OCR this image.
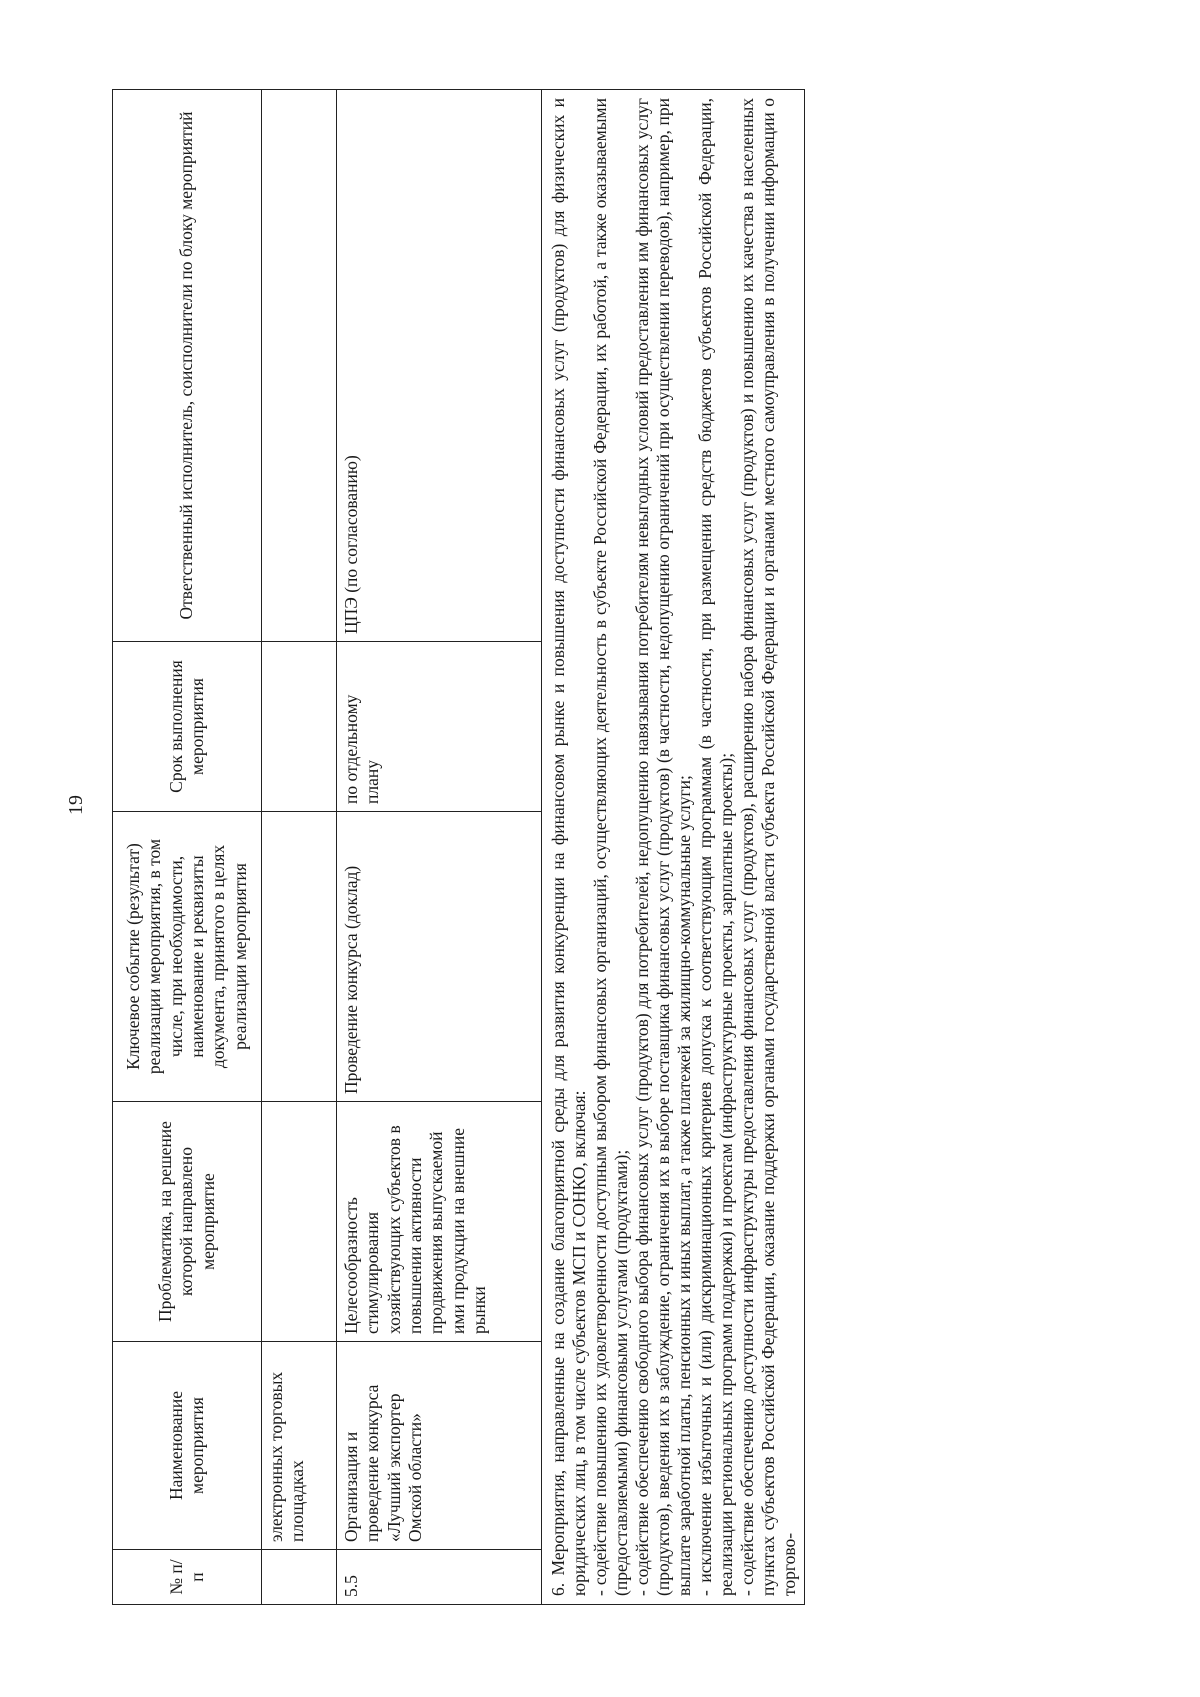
19
№ п/п	Наименование мероприятия	Проблематика, на решение которой направлено мероприятие	Ключевое событие (результат) реализации мероприятия, в том числе, при необходимости, наименование и реквизиты документа, принятого в целях реализации мероприятия	Срок выполнения мероприятия	Ответственный исполнитель, соисполнители по блоку мероприятий
	электронных торговых площадках				
5.5	Организация и проведение конкурса «Лучший экспортер Омской области»	Целесообразность стимулирования хозяйствующих субъектов в повышении активности продвижения выпускаемой ими продукции на внешние рынки	Проведение конкурса (доклад)	по отдельному плану	ЦПЭ (по согласованию)

6. Мероприятия, направленные на создание благоприятной среды для развития конкуренции на финансовом рынке и повышения доступности финансовых услуг (продуктов) для физических и юридических лиц, в том числе субъектов МСП и СОНКО, включая: - содействие повышению их удовлетворенности доступным выбором финансовых организаций, осуществляющих деятельность в субъекте Российской Федерации, их работой, а также оказываемыми (предоставляемыми) финансовыми услугами (продуктами); - содействие обеспечению свободного выбора финансовых услуг (продуктов) для потребителей, недопущению навязывания потребителям невыгодных условий предоставления им финансовых услуг (продуктов), введения их в заблуждение, ограничения их в выборе поставщика финансовых услуг (продуктов) (в частности, недопущению ограничений при осуществлении переводов), например, при выплате заработной платы, пенсионных и иных выплат, а также платежей за жилищно-коммунальные услуги; - исключение избыточных и (или) дискриминационных критериев допуска к соответствующим программам (в частности, при размещении средств бюджетов субъектов Российской Федерации, реализации региональных программ поддержки) и проектам (инфраструктурные проекты, зарплатные проекты); - содействие обеспечению доступности инфраструктуры предоставления финансовых услуг (продуктов), расширению набора финансовых услуг (продуктов) и повышению их качества в населенных пунктах субъектов Российской Федерации, оказание поддержки органами государственной власти субъекта Российской Федерации и органами местного самоуправления в получении информации о торгово-					
